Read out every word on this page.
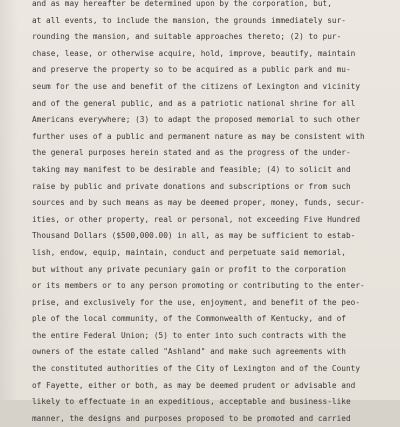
and as may hereafter be determined upon by the corporation, but,
at all events, to include the mansion, the grounds immediately sur-
rounding the mansion, and suitable approaches thereto; (2) to pur-
chase, lease, or otherwise acquire, hold, improve, beautify, maintain
and preserve the property so to be acquired as a public park and mu-
seum for the use and benefit of the citizens of Lexington and vicinity
and of the general public, and as a patriotic national shrine for all
Americans everywhere; (3) to adapt the proposed memorial to such other
further uses of a public and permanent nature as may be consistent with
the general purposes herein stated and as the progress of the under-
taking may manifest to be desirable and feasible; (4) to solicit and
raise by public and private donations and subscriptions or from such
sources and by such means as may be deemed proper, money, funds, secur-
ities, or other property, real or personal, not exceeding Five Hundred
Thousand Dollars ($500,000.00) in all, as may be sufficient to estab-
lish, endow, equip, maintain, conduct and perpetuate said memorial,
but without any private pecuniary gain or profit to the corporation
or its members or to any person promoting or contributing to the enter-
prise, and exclusively for the use, enjoyment, and benefit of the peo-
ple of the local community, of the Commonwealth of Kentucky, and of
the entire Federal Union; (5) to enter into such contracts with the
owners of the estate called "Ashland" and make such agreements with
the constituted authorities of the City of Lexington and of the County
of Fayette, either or both, as may be deemed prudent or advisable and
likely to effectuate in an expeditious, acceptable and business-like
manner, the designs and purposes proposed to be promoted and carried
